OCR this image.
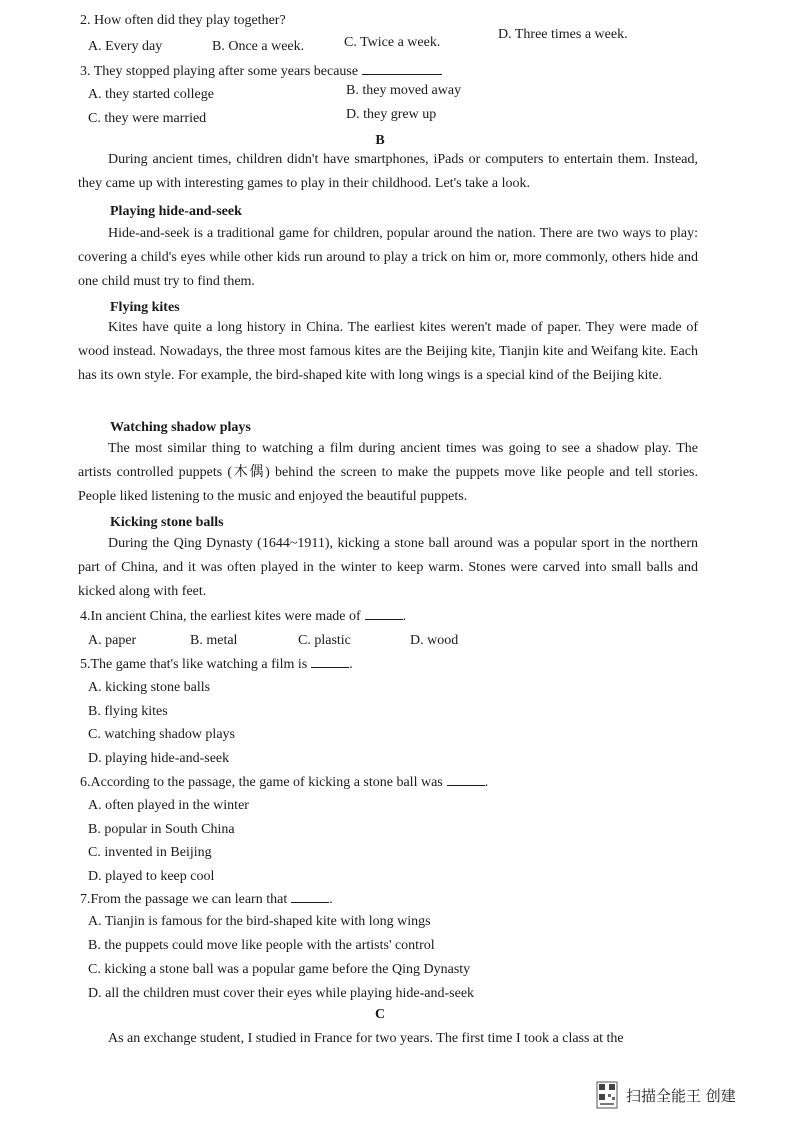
2. How often did they play together?
A. Every day	B. Once a week.	C. Twice a week.
D. Three times a week.
3. They stopped playing after some years because
A. they started college	B. they moved away
C. they were married	D. they grew up
B
During ancient times, children didn't have smartphones, iPads or computers to entertain them. Instead, they came up with interesting games to play in their childhood. Let's take a look.
Playing hide-and-seek
Hide-and-seek is a traditional game for children, popular around the nation. There are two ways to play: covering a child's eyes while other kids run around to play a trick on him or, more commonly, others hide and one child must try to find them.
Flying kites
Kites have quite a long history in China. The earliest kites weren't made of paper. They were made of wood instead. Nowadays, the three most famous kites are the Beijing kite, Tianjin kite and Weifang kite. Each has its own style. For example, the bird-shaped kite with long wings is a special kind of the Beijing kite.
Watching shadow plays
The most similar thing to watching a film during ancient times was going to see a shadow play. The artists controlled puppets (木偶) behind the screen to make the puppets move like people and tell stories. People liked listening to the music and enjoyed the beautiful puppets.
Kicking stone balls
During the Qing Dynasty (1644~1911), kicking a stone ball around was a popular sport in the northern part of China, and it was often played in the winter to keep warm. Stones were carved into small balls and kicked along with feet.
4.In ancient China, the earliest kites were made of	.
A. paper	B. metal	C. plastic	D. wood
5.The game that's like watching a film is	.
A. kicking stone balls
B. flying kites
C. watching shadow plays
D. playing hide-and-seek
6.According to the passage, the game of kicking a stone ball was	.
A. often played in the winter
B. popular in South China
C. invented in Beijing
D. played to keep cool
7.From the passage we can learn that	.
A. Tianjin is famous for the bird-shaped kite with long wings
B. the puppets could move like people with the artists' control
C. kicking a stone ball was a popular game before the Qing Dynasty
D. all the children must cover their eyes while playing hide-and-seek
C
As an exchange student, I studied in France for two years. The first time I took a class at the
扫描全能王 创建
